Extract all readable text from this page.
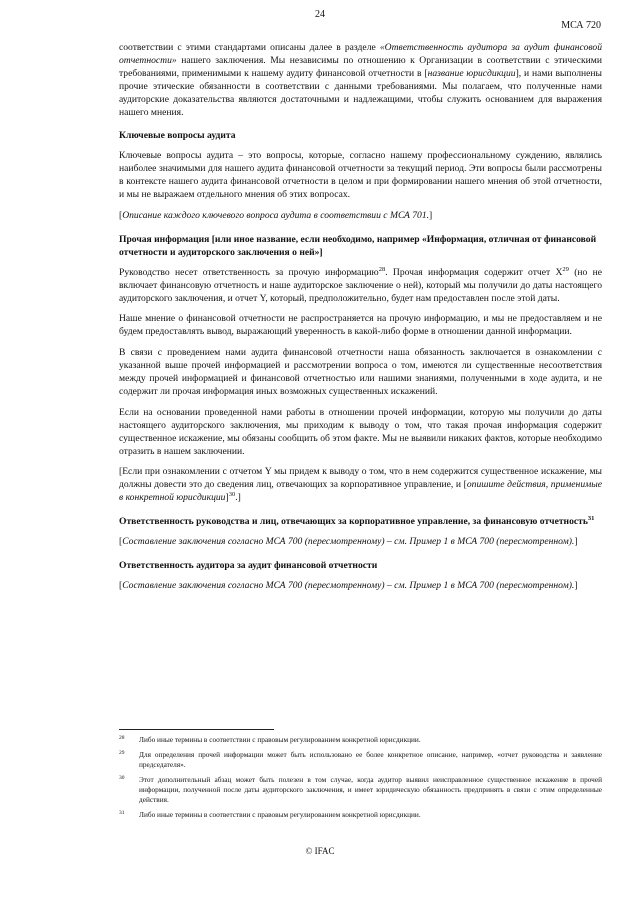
24
МСА 720

соответствии с этими стандартами описаны далее в разделе «Ответственность аудитора за аудит финансовой отчетности» нашего заключения. Мы независимы по отношению к Организации в соответствии с этическими требованиями, применимыми к нашему аудиту финансовой отчетности в [название юрисдикции], и нами выполнены прочие этические обязанности в соответствии с данными требованиями. Мы полагаем, что полученные нами аудиторские доказательства являются достаточными и надлежащими, чтобы служить основанием для выражения нашего мнения.

Ключевые вопросы аудита

Ключевые вопросы аудита – это вопросы, которые, согласно нашему профессиональному суждению, являлись наиболее значимыми для нашего аудита финансовой отчетности за текущий период. Эти вопросы были рассмотрены в контексте нашего аудита финансовой отчетности в целом и при формировании нашего мнения об этой отчетности, и мы не выражаем отдельного мнения об этих вопросах.

[Описание каждого ключевого вопроса аудита в соответствии с МСА 701.]

Прочая информация [или иное название, если необходимо, например «Информация, отличная от финансовой отчетности и аудиторского заключения о ней»]

Руководство несет ответственность за прочую информацию$^{28}$. Прочая информация содержит отчет $X^{29}$ (но не включает финансовую отчетность и наше аудиторское заключение о ней), который мы получили до даты настоящего аудиторского заключения, и отчет Y, который, предположительно, будет нам предоставлен после этой даты.

Наше мнение о финансовой отчетности не распространяется на прочую информацию, и мы не предоставляем и не будем предоставлять вывод, выражающий уверенность в какой-либо форме в отношении данной информации.

В связи с проведением нами аудита финансовой отчетности наша обязанность заключается в ознакомлении с указанной выше прочей информацией и рассмотрении вопроса о том, имеются ли существенные несоответствия между прочей информацией и финансовой отчетностью или нашими знаниями, полученными в ходе аудита, и не содержит ли прочая информация иных возможных существенных искажений.

Если на основании проведенной нами работы в отношении прочей информации, которую мы получили до даты настоящего аудиторского заключения, мы приходим к выводу о том, что такая прочая информация содержит существенное искажение, мы обязаны сообщить об этом факте. Мы не выявили никаких фактов, которые необходимо отразить в нашем заключении.

[Если при ознакомлении с отчетом Y мы придем к выводу о том, что в нем содержится существенное искажение, мы должны довести это до сведения лиц, отвечающих за корпоративное управление, и [опишите действия, применимые в конкретной юрисдикции]$^{30}$.]

Ответственность руководства и лиц, отвечающих за корпоративное управление, за финансовую отчетность$^{31}$

[Составление заключения согласно МСА 700 (пересмотренному) – см. Пример 1 в МСА 700 (пересмотренном).]

Ответственность аудитора за аудит финансовой отчетности

[Составление заключения согласно МСА 700 (пересмотренному) – см. Пример 1 в МСА 700 (пересмотренном).]

28 Либо иные термины в соответствии с правовым регулированием конкретной юрисдикции.
29 Для определения прочей информации может быть использовано ее более конкретное описание, например, «отчет руководства и заявление председателя».
30 Этот дополнительный абзац может быть полезен в том случае, когда аудитор выявил неисправленное существенное искажение в прочей информации, полученной после даты аудиторского заключения, и имеет юридическую обязанность предпринять в связи с этим определенные действия.
31 Либо иные термины в соответствии с правовым регулированием конкретной юрисдикции.
© IFAC
